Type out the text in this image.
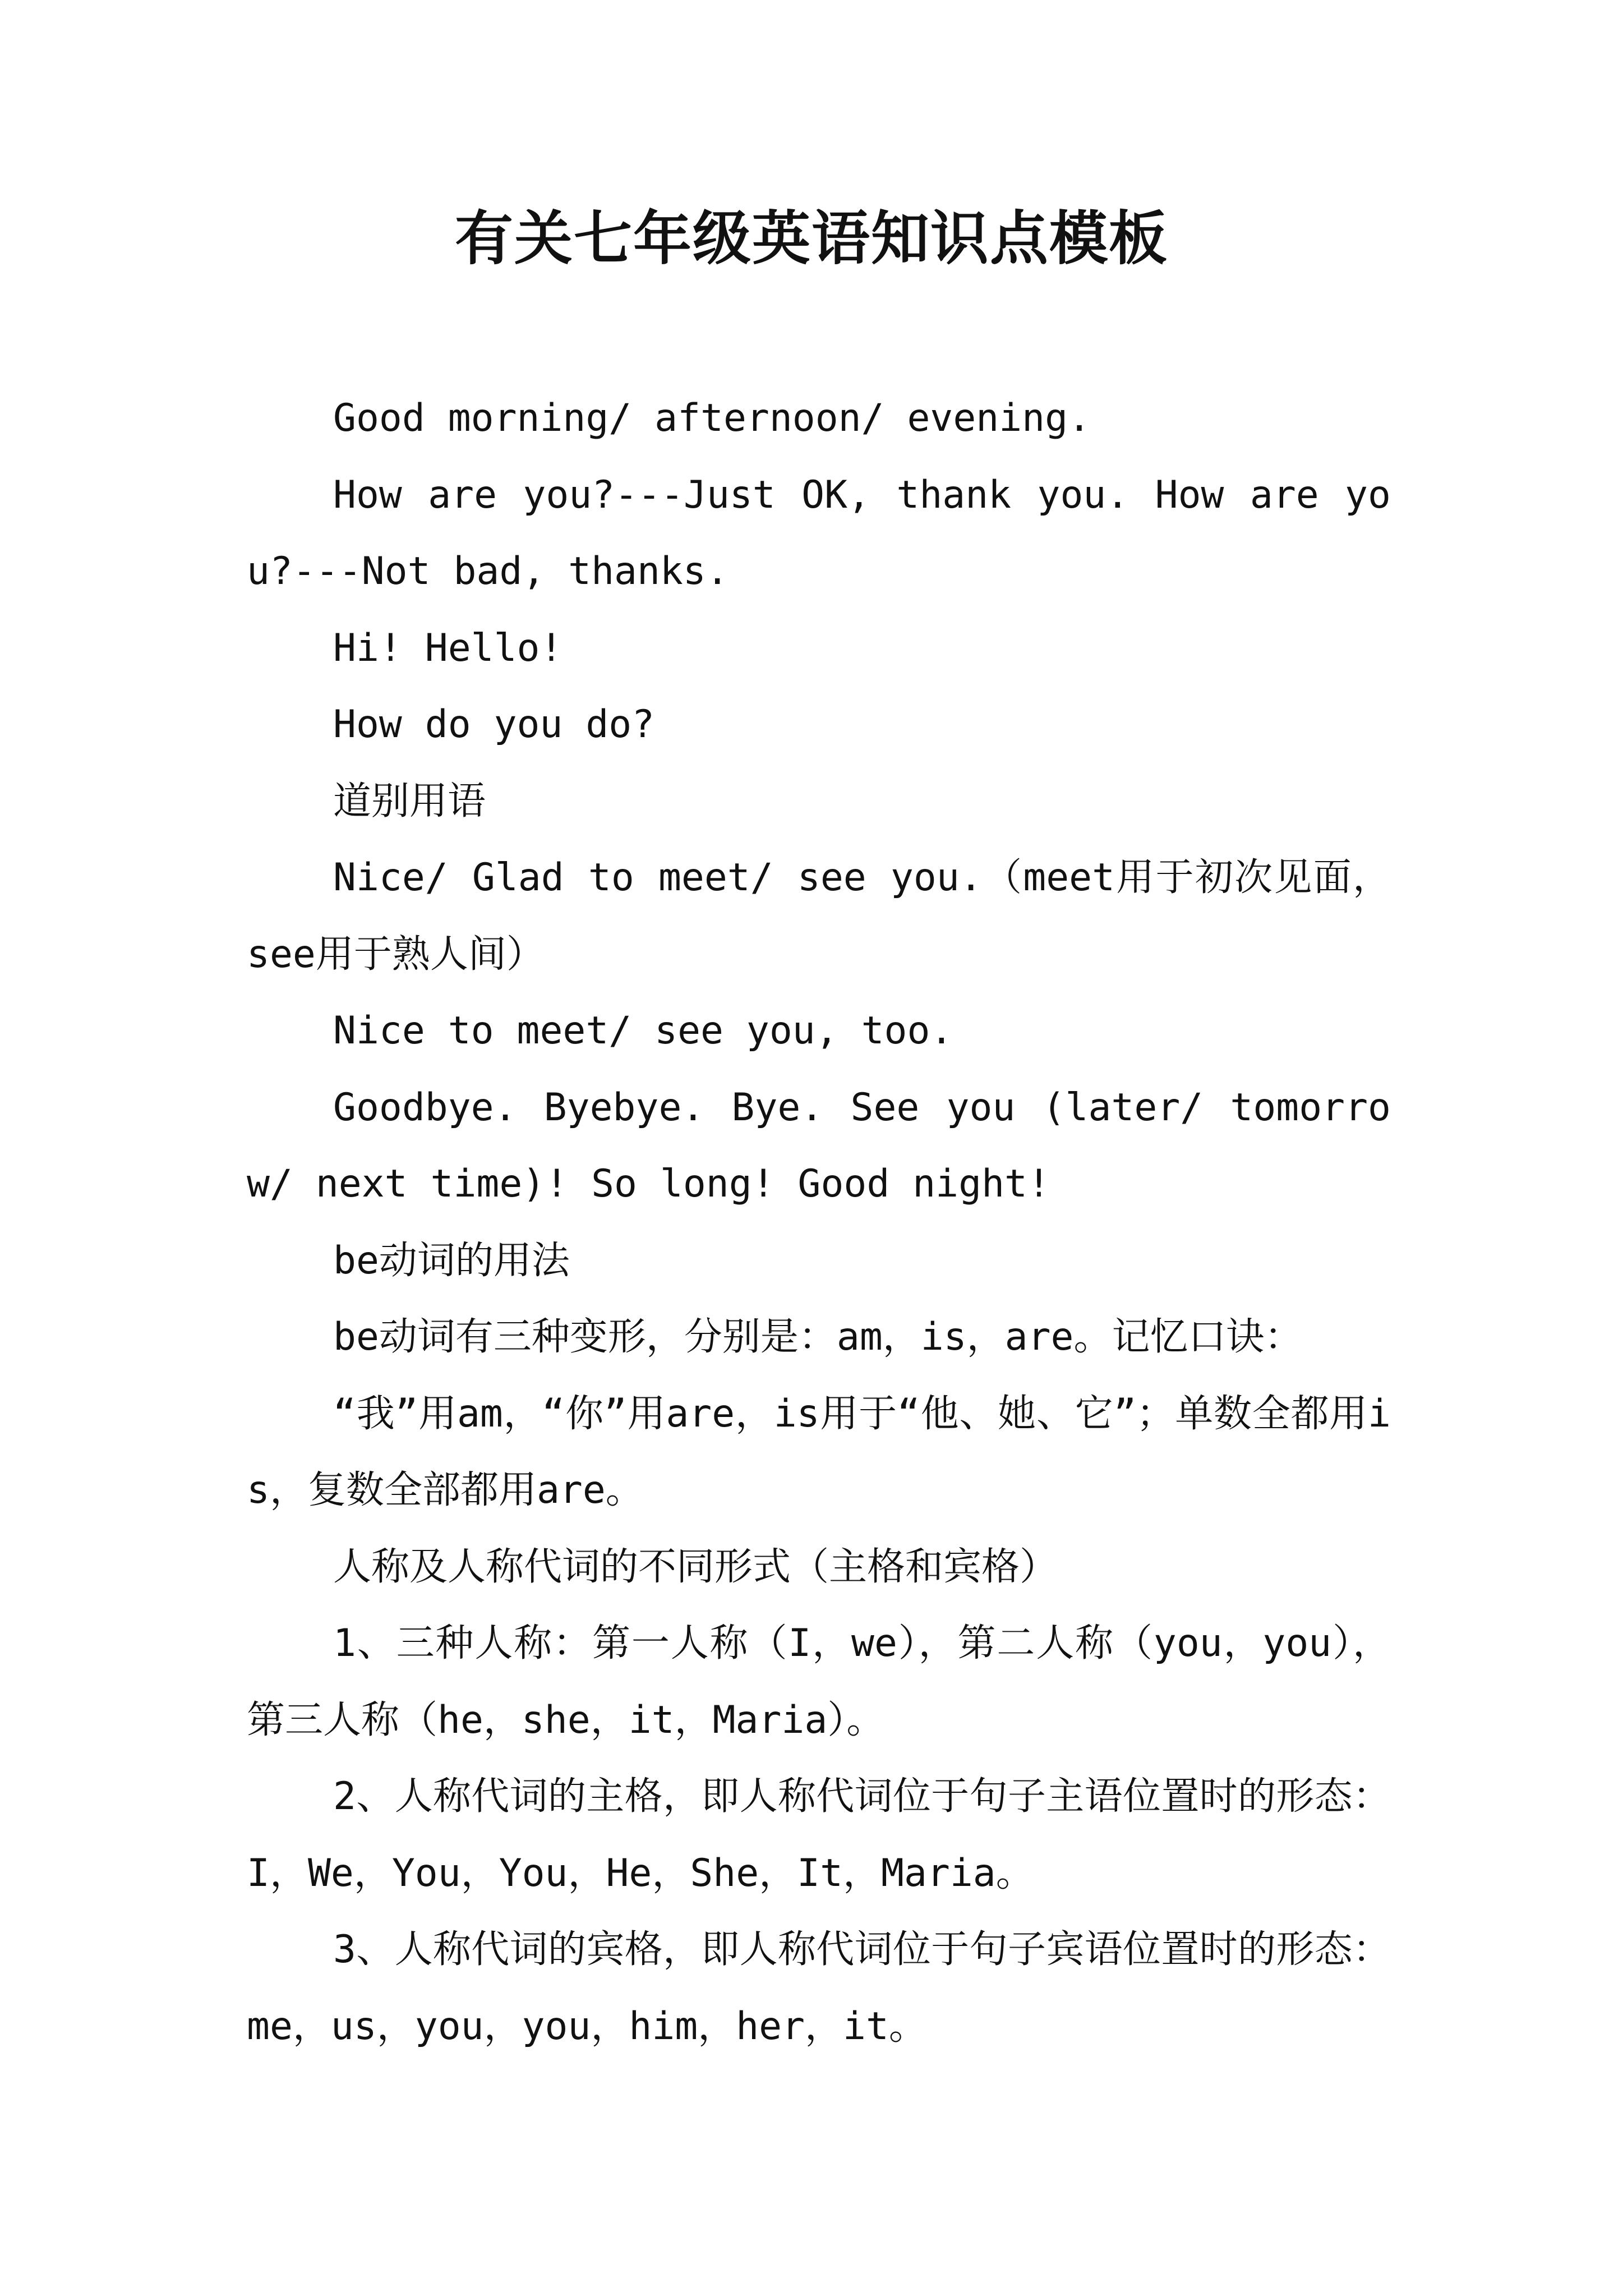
有关七年级英语知识点模板

Good morning/ afternoon/ evening.

How are you?---Just OK, thank you. How are you?---Not bad, thanks.

Hi! Hello!

How do you do?

道别用语

Nice/ Glad to meet/ see you.（meet用于初次见面，see用于熟人间）

Nice to meet/ see you, too.

Goodbye. Byebye. Bye. See you (later/ tomorrow/ next time)! So long! Good night!

be动词的用法

be动词有三种变形，分别是：am，is，are。记忆口诀：

“我”用am，“你”用are，is用于“他、她、它”；单数全都用is，复数全部都用are。

人称及人称代词的不同形式（主格和宾格）

1、三种人称：第一人称（I，we），第二人称（you，you），第三人称（he，she，it，Maria）。

2、人称代词的主格，即人称代词位于句子主语位置时的形态：I，We，You，You，He，She，It，Maria。

3、人称代词的宾格，即人称代词位于句子宾语位置时的形态：me，us，you，you，him，her，it。
